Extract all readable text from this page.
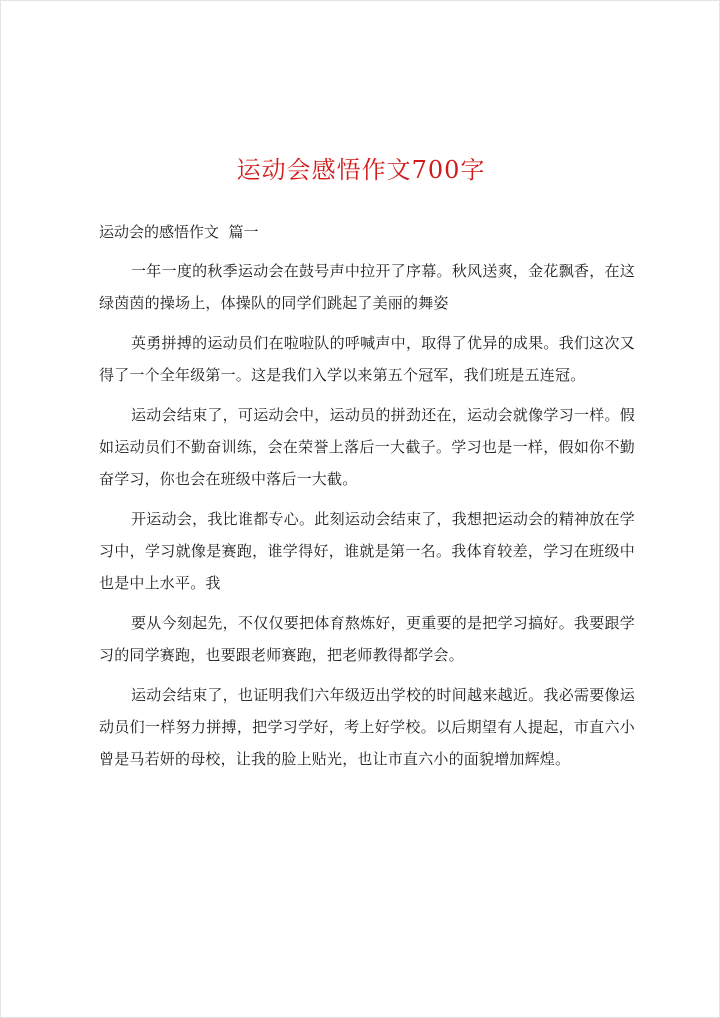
运动会感悟作文700字
运动会的感悟作文  篇一

一年一度的秋季运动会在鼓号声中拉开了序幕。秋风送爽，金花飘香，在这绿茵茵的操场上，体操队的同学们跳起了美丽的舞姿

英勇拼搏的运动员们在啦啦队的呼喊声中，取得了优异的成果。我们这次又得了一个全年级第一。这是我们入学以来第五个冠军，我们班是五连冠。

运动会结束了，可运动会中，运动员的拼劲还在，运动会就像学习一样。假如运动员们不勤奋训练，会在荣誉上落后一大截子。学习也是一样，假如你不勤奋学习，你也会在班级中落后一大截。

开运动会，我比谁都专心。此刻运动会结束了，我想把运动会的精神放在学习中，学习就像是赛跑，谁学得好，谁就是第一名。我体育较差，学习在班级中也是中上水平。我

要从今刻起先，不仅仅要把体育熬炼好，更重要的是把学习搞好。我要跟学习的同学赛跑，也要跟老师赛跑，把老师教得都学会。

运动会结束了，也证明我们六年级迈出学校的时间越来越近。我必需要像运动员们一样努力拼搏，把学习学好，考上好学校。以后期望有人提起，市直六小曾是马若妍的母校，让我的脸上贴光，也让市直六小的面貌增加辉煌。
